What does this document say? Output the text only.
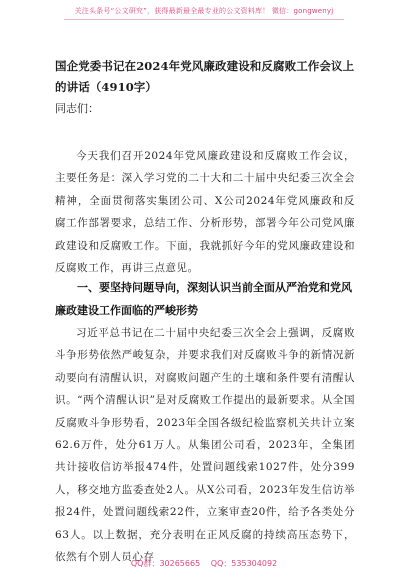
关注头条号“公文研究”，获得最新最全最专业的公文资料库！ 微信：gongwenyj
国企党委书记在2024年党风廉政建设和反腐败工作会议上的讲话（4910字）
同志们：
今天我们召开2024年党风廉政建设和反腐败工作会议，主要任务是：深入学习党的二十大和二十届中央纪委三次全会精神，全面贯彻落实集团公司、X公司2024年党风廉政和反腐工作部署要求，总结工作、分析形势，部署今年公司党风廉政建设和反腐败工作。下面，我就抓好今年的党风廉政建设和反腐败工作，再讲三点意见。
一、要坚持问题导向，深刻认识当前全面从严治党和党风廉政建设工作面临的严峻形势
习近平总书记在二十届中央纪委三次全会上强调，反腐败斗争形势依然严峻复杂，并要求我们对反腐败斗争的新情况新动要向有清醒认识，对腐败问题产生的土壤和条件要有清醒认识。“两个清醒认识”是对反腐败工作提出的最新要求。从全国反腐败斗争形势看，2023年全国各级纪检监察机关共计立案62.6万件，处分61万人。从集团公司看，2023年，全集团共计接收信访举报474件，处置问题线索1027件，处分399人，移交地方监委查处2人。从X公司看，2023年发生信访举报24件，处置问题线索22件，立案审查20件，给予各类处分63人。以上数据，充分表明在正风反腐的持续高压态势下，依然有个别人员心存
QQ群：30265665 QQ：535304092
